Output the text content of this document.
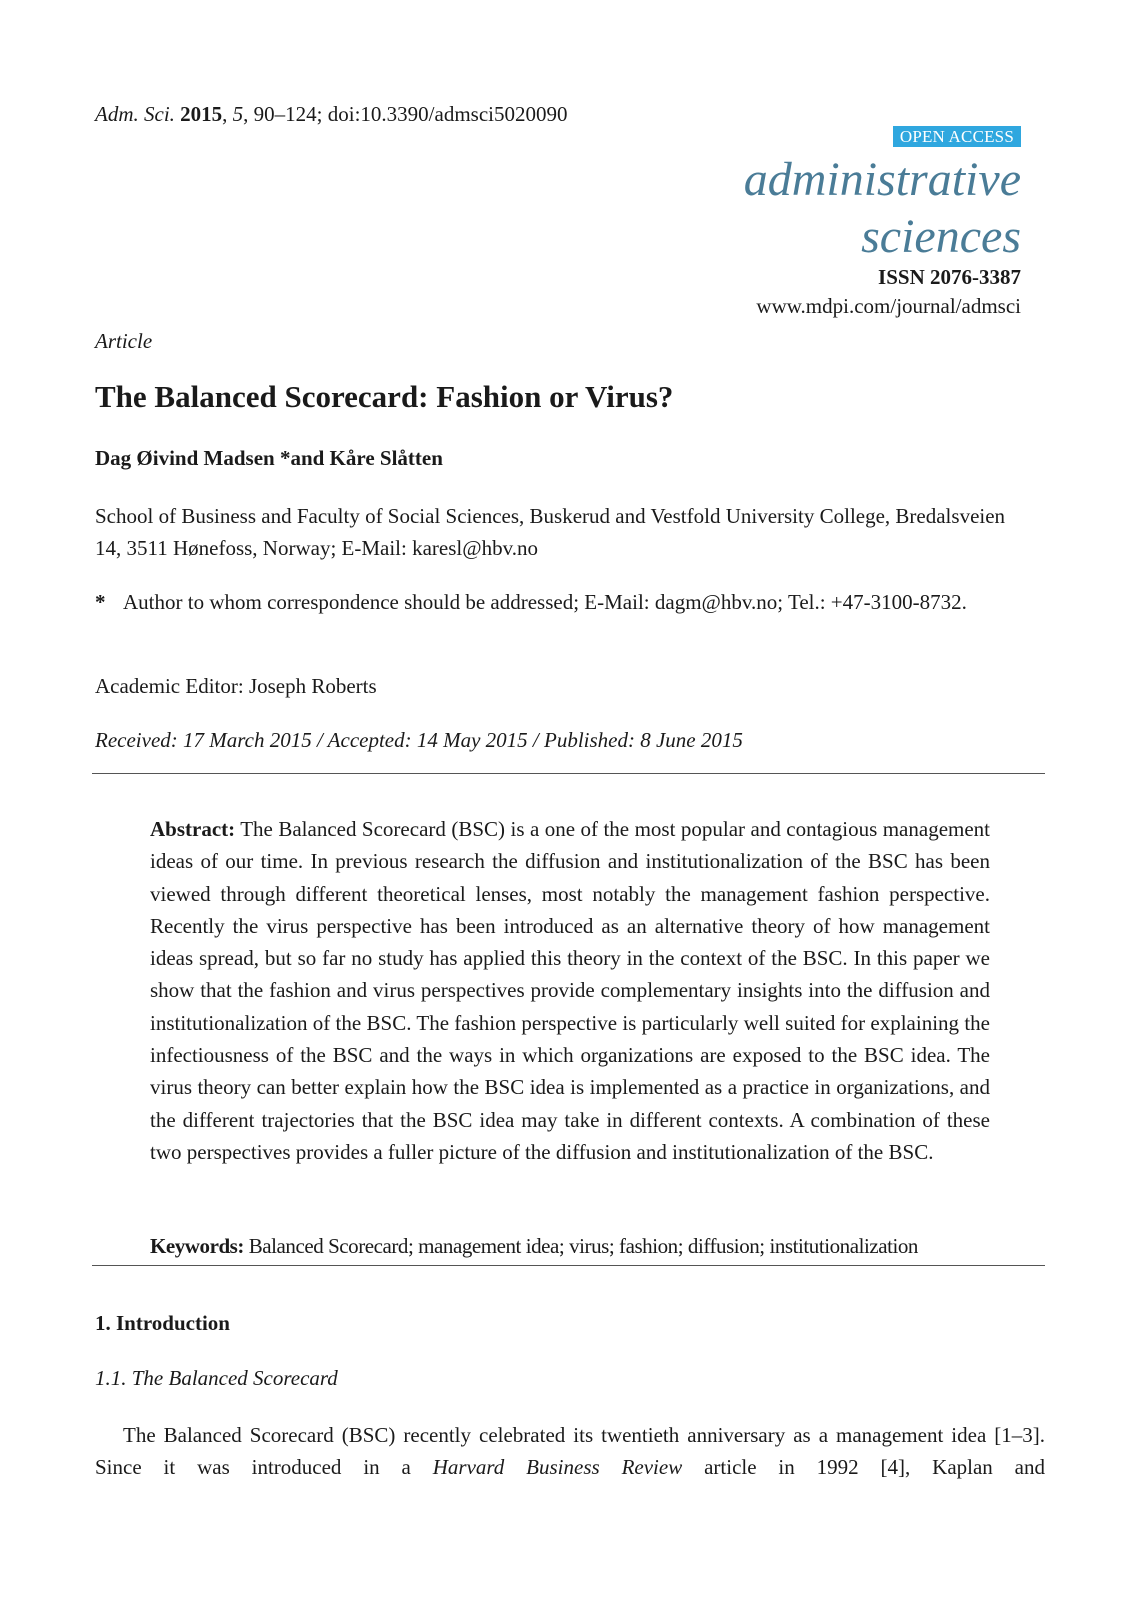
Adm. Sci. 2015, 5, 90–124; doi:10.3390/admsci5020090
OPEN ACCESS
administrative
sciences
ISSN 2076-3387
www.mdpi.com/journal/admsci
Article
The Balanced Scorecard: Fashion or Virus?
Dag Øivind Madsen *and Kåre Slåtten
School of Business and Faculty of Social Sciences, Buskerud and Vestfold University College, Bredalsveien 14, 3511 Hønefoss, Norway; E-Mail: karesl@hbv.no
* Author to whom correspondence should be addressed; E-Mail: dagm@hbv.no; Tel.: +47-3100-8732.
Academic Editor: Joseph Roberts
Received: 17 March 2015 / Accepted: 14 May 2015 / Published: 8 June 2015
Abstract: The Balanced Scorecard (BSC) is a one of the most popular and contagious management ideas of our time. In previous research the diffusion and institutionalization of the BSC has been viewed through different theoretical lenses, most notably the management fashion perspective. Recently the virus perspective has been introduced as an alternative theory of how management ideas spread, but so far no study has applied this theory in the context of the BSC. In this paper we show that the fashion and virus perspectives provide complementary insights into the diffusion and institutionalization of the BSC. The fashion perspective is particularly well suited for explaining the infectiousness of the BSC and the ways in which organizations are exposed to the BSC idea. The virus theory can better explain how the BSC idea is implemented as a practice in organizations, and the different trajectories that the BSC idea may take in different contexts. A combination of these two perspectives provides a fuller picture of the diffusion and institutionalization of the BSC.
Keywords: Balanced Scorecard; management idea; virus; fashion; diffusion; institutionalization
1. Introduction
1.1. The Balanced Scorecard
The Balanced Scorecard (BSC) recently celebrated its twentieth anniversary as a management idea [1–3]. Since it was introduced in a Harvard Business Review article in 1992 [4], Kaplan and
